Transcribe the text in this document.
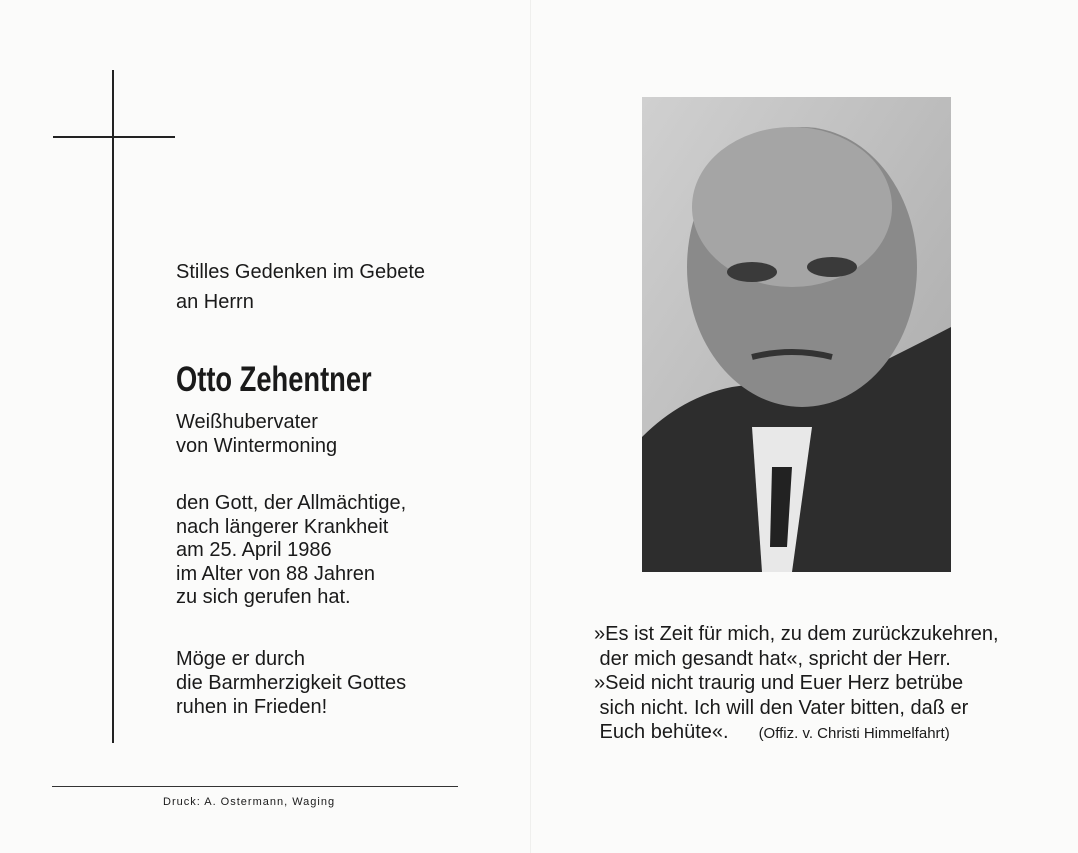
Stilles Gedenken im Gebete
an Herrn
Otto Zehentner
Weißhubervater
von Wintermoning
den Gott, der Allmächtige,
nach längerer Krankheit
am 25. April 1986
im Alter von 88 Jahren
zu sich gerufen hat.
Möge er durch
die Barmherzigkeit Gottes
ruhen in Frieden!
Druck: A. Ostermann, Waging
»Es ist Zeit für mich, zu dem zurückzukehren,
der mich gesandt hat«, spricht der Herr.
»Seid nicht traurig und Euer Herz betrübe
sich nicht. Ich will den Vater bitten, daß er
Euch behüte«. (Offiz. v. Christi Himmelfahrt)
